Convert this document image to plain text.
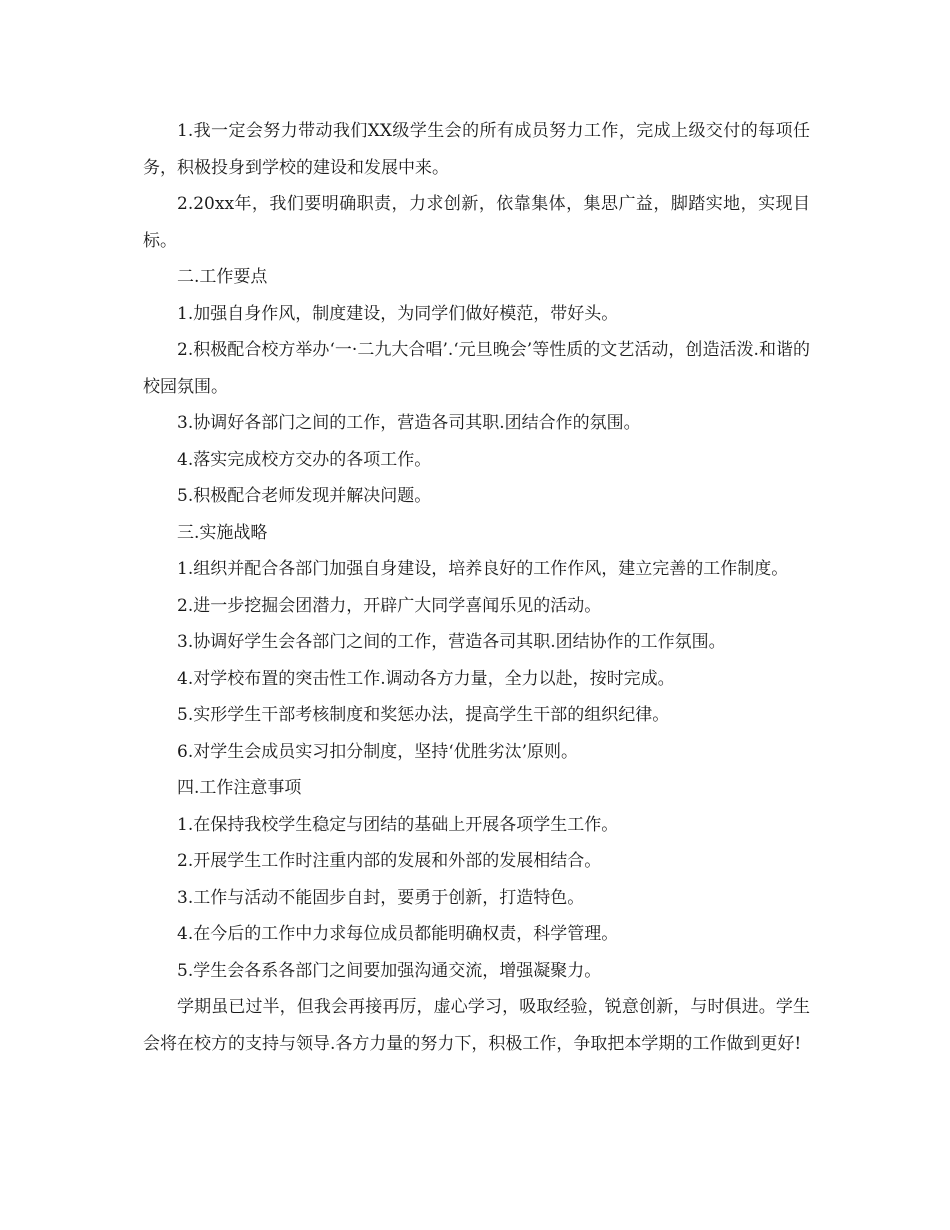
1.我一定会努力带动我们XX级学生会的所有成员努力工作，完成上级交付的每项任务，积极投身到学校的建设和发展中来。

2.20xx年，我们要明确职责，力求创新，依靠集体，集思广益，脚踏实地，实现目标。

二.工作要点

1.加强自身作风，制度建设，为同学们做好模范，带好头。

2.积极配合校方举办‘一·二九大合唱’.‘元旦晚会’等性质的文艺活动，创造活泼.和谐的校园氛围。

3.协调好各部门之间的工作，营造各司其职.团结合作的氛围。

4.落实完成校方交办的各项工作。

5.积极配合老师发现并解决问题。

三.实施战略

1.组织并配合各部门加强自身建设，培养良好的工作作风，建立完善的工作制度。

2.进一步挖掘会团潜力，开辟广大同学喜闻乐见的活动。

3.协调好学生会各部门之间的工作，营造各司其职.团结协作的工作氛围。

4.对学校布置的突击性工作.调动各方力量，全力以赴，按时完成。

5.实形学生干部考核制度和奖惩办法，提高学生干部的组织纪律。

6.对学生会成员实习扣分制度，坚持‘优胜劣汰’原则。

四.工作注意事项

1.在保持我校学生稳定与团结的基础上开展各项学生工作。

2.开展学生工作时注重内部的发展和外部的发展相结合。

3.工作与活动不能固步自封，要勇于创新，打造特色。

4.在今后的工作中力求每位成员都能明确权责，科学管理。

5.学生会各系各部门之间要加强沟通交流，增强凝聚力。

学期虽已过半，但我会再接再厉，虚心学习，吸取经验，锐意创新，与时俱进。学生会将在校方的支持与领导.各方力量的努力下，积极工作，争取把本学期的工作做到更好!
